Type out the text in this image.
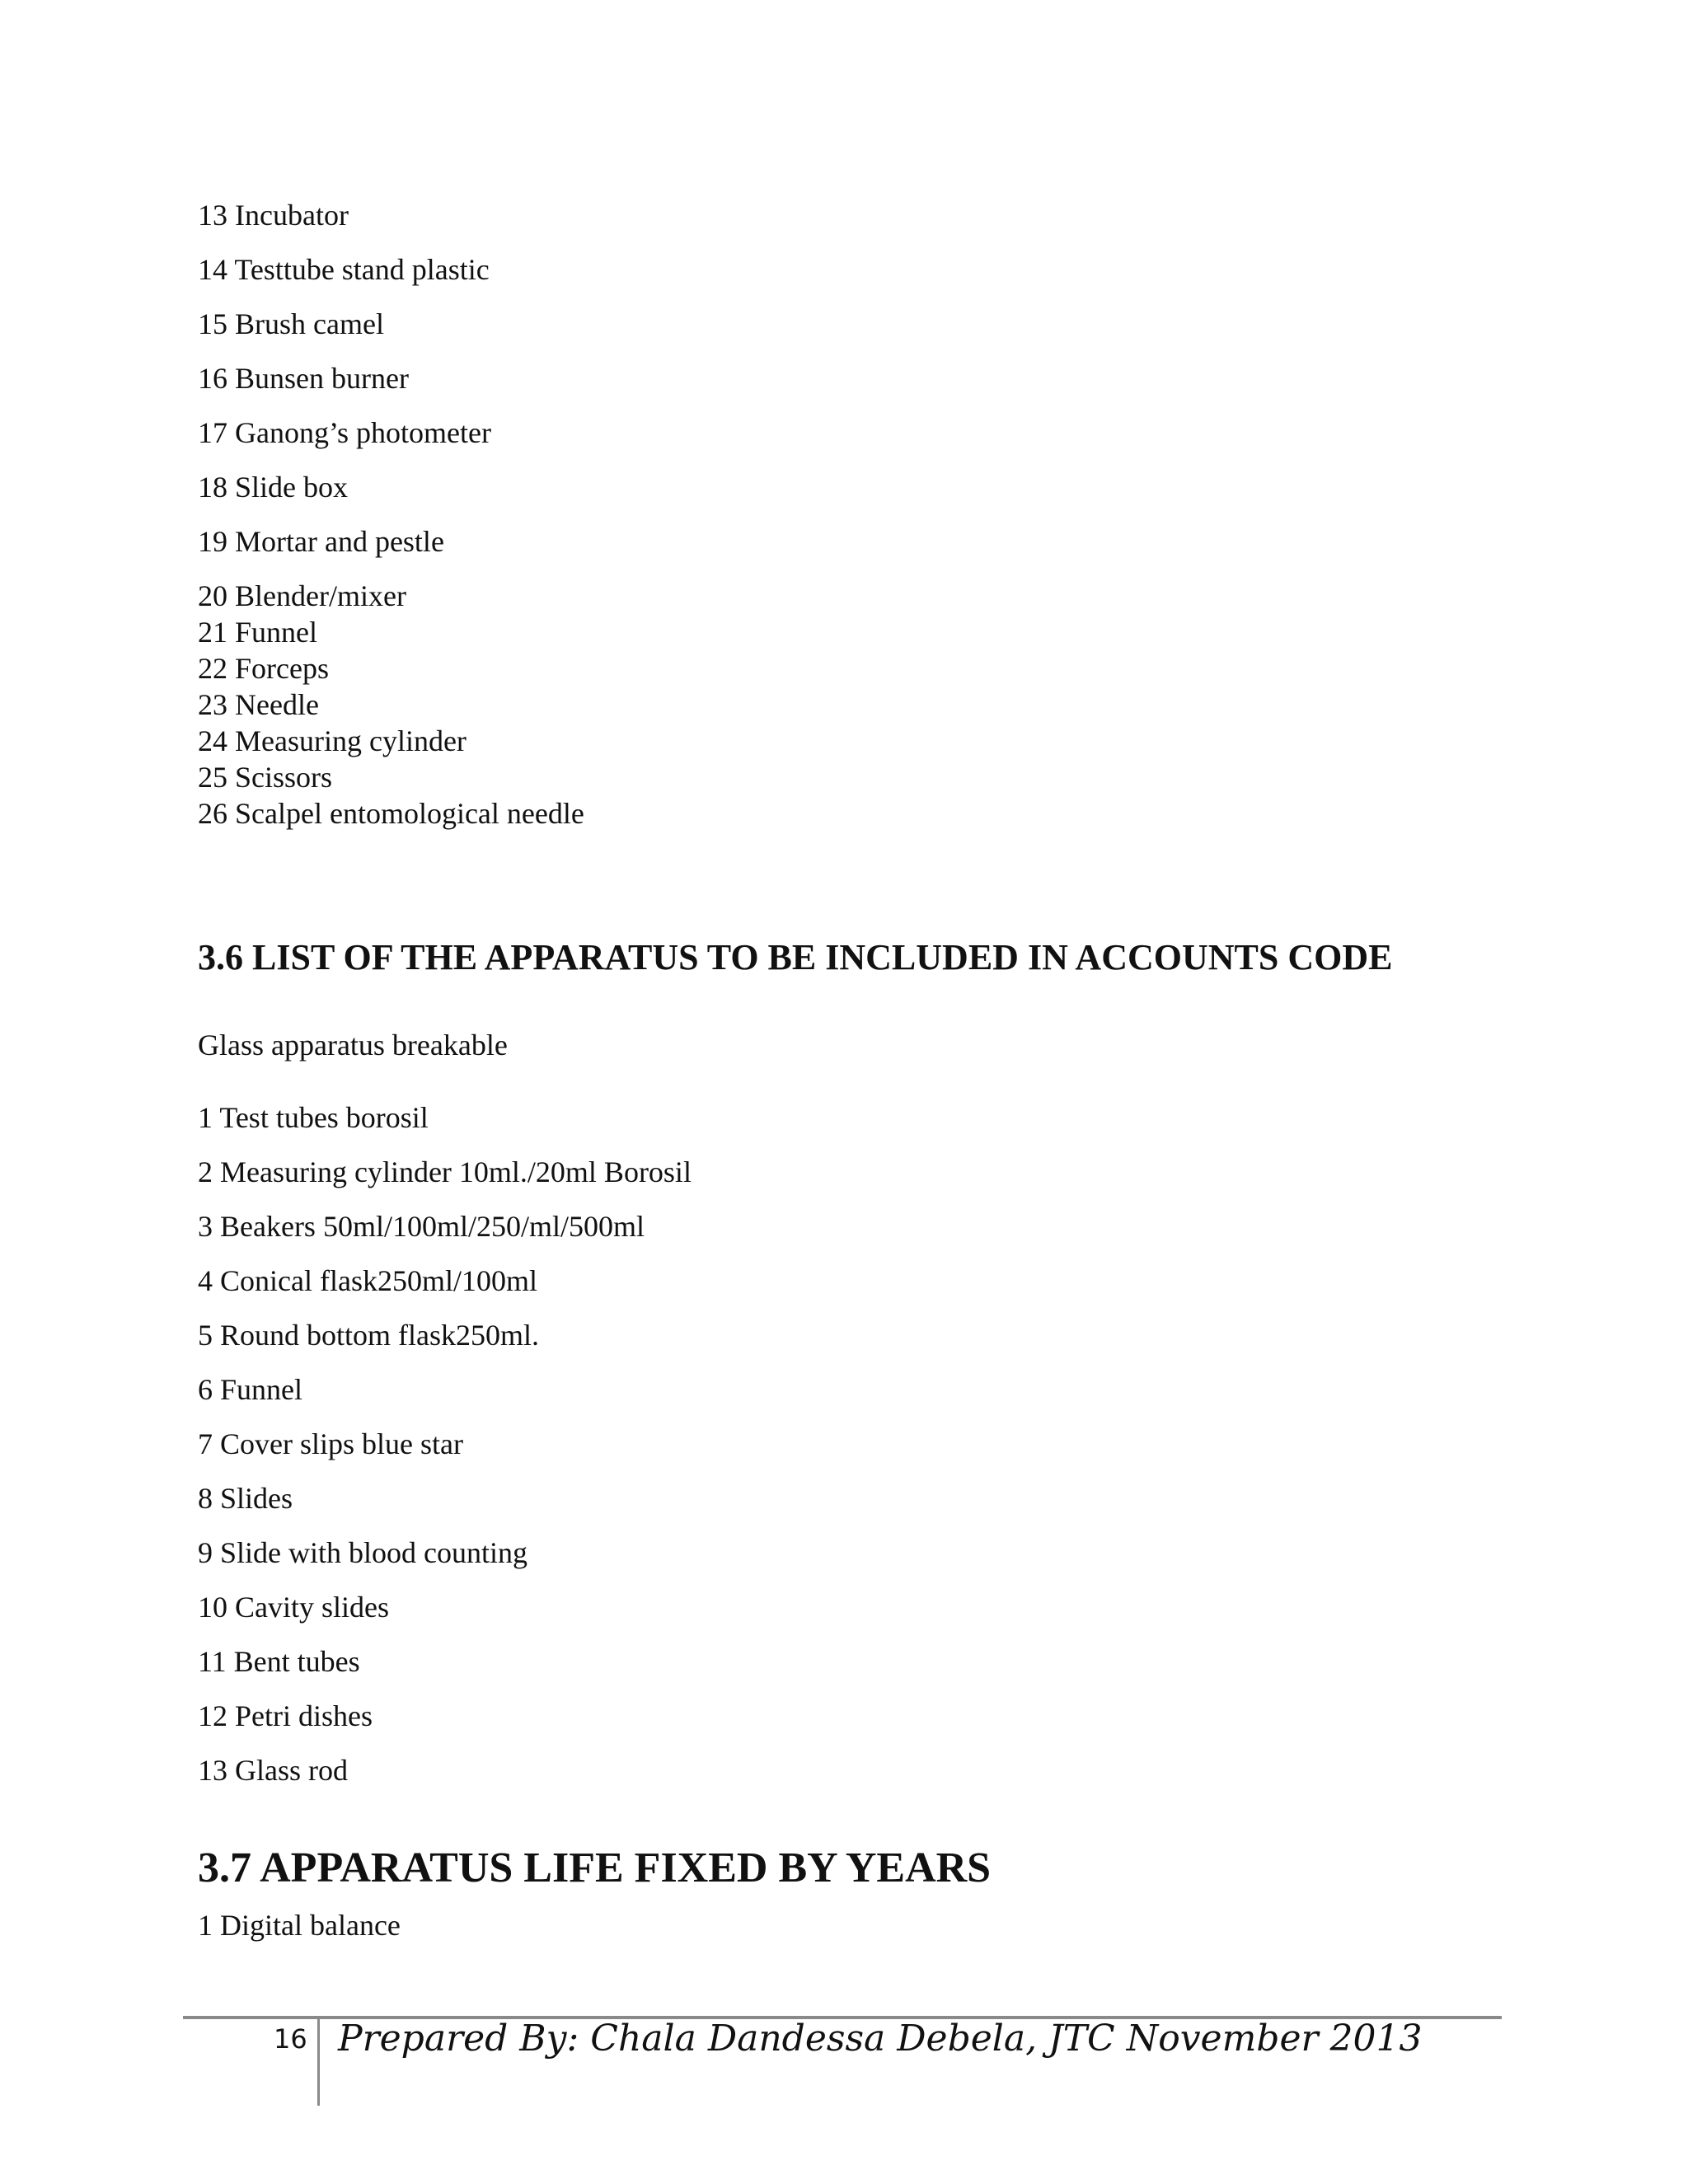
13 Incubator
14 Testtube stand plastic
15 Brush camel
16 Bunsen burner
17 Ganong’s photometer
18 Slide box
19 Mortar and pestle
20 Blender/mixer
21 Funnel
22 Forceps
23 Needle
24 Measuring cylinder
25 Scissors
26 Scalpel entomological needle
3.6 LIST OF THE APPARATUS TO BE INCLUDED IN ACCOUNTS CODE
Glass apparatus breakable
1 Test tubes borosil
2 Measuring cylinder 10ml./20ml Borosil
3 Beakers 50ml/100ml/250/ml/500ml
4 Conical flask250ml/100ml
5 Round bottom flask250ml.
6 Funnel
7 Cover slips blue star
8 Slides
9 Slide with blood counting
10 Cavity slides
11 Bent tubes
12 Petri dishes
13 Glass rod
3.7 APPARATUS LIFE FIXED BY YEARS
1 Digital balance
16 Prepared By: Chala Dandessa Debela, JTC November 2013
